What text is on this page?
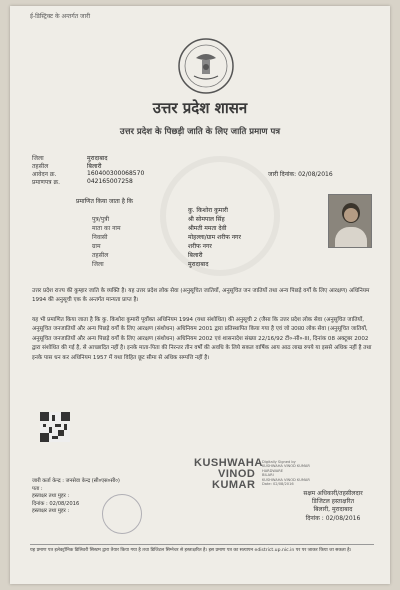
ई-डिस्ट्रिक्ट के अन्तर्गत जारी
उत्तर प्रदेश शासन
उत्तर प्रदेश के पिछड़ी जाति के लिए जाति प्रमाण पत्र
जिला	मुरादाबाद
तहसील	बिलारी
आवेदन क्र.	160400300068570
प्रमाणपत्र क्र.	042165007258
जारी दिनांक: 02/08/2016
प्रमाणित किया जाता है कि
कु. किशोरा कुमारी
पुत्र/पुत्री	श्री सोमपाल सिंह
माता का नाम	श्रीमती ममता देवी
निवासी	मोहल्ला/ग्राम शरीफ नगर
ग्राम	शरीफ नगर
तहसील	बिलारी
जिला	मुरादाबाद
उत्तर प्रदेश राज्य की कुम्हार जाति के व्यक्ति है। यह उत्तर प्रदेश लोक सेवा (अनुसूचित जातियों, अनुसूचित जन जातियों तथा अन्य पिछड़े वर्गों के लिए आरक्षण) अधिनियम 1994 की अनुसूची एक के अन्तर्गत मान्यता प्राप्त है।
यह भी प्रमाणित किया जाता है कि कु. किशोरा कुमारी पूर्वोक्त अधिनियम 1994 (यथा संशोधित) की अनुसूची 2 (जैसा कि उत्तर प्रदेश लोक सेवा (अनुसूचित जातियों, अनुसूचित जनजातियों और अन्य पिछड़े वर्गों के लिए आरक्षण (संशोधन) अधिनियम 2001 द्वारा प्रतिस्थापित किया गया है एवं जो उ0प्र0 लोक सेवा (अनुसूचित जातियों, अनुसूचित जनजातियों और अन्य पिछड़े वर्गों के लिए आरक्षण (संशोधन) अधिनियम 2002 एवं शासनादेश संख्या 22/16/92 टी०-सी०-III, दिनांक 08 अक्टूबर 2002 द्वारा संशोधित की गई है, से आच्छादित नहीं है। इनके माता-पिता की निरन्तर तीन वर्षों की अवधि के लिये सकल वार्षिक आय आठ लाख रुपये या इससे अधिक नहीं है तथा इनके पास धन कर अधिनियम 1957 में यथा विहित छूट सीमा से अधिक सम्पत्ति नहीं है।
KUSHWAHA
VINOD
KUMAR
Digitally Signed by
KUSHWAHA VINOD KUMAR
HARDWARE
BILARI
KUSHWAHA VINOD KUMAR
Date: 02/08/2016
जारी कर्ता केन्द्र : जनसेवा केन्द्र (सी०एस०सी०)
पता :
हस्ताक्षर तथा मुहर :
दिनांक : 02/08/2016
हस्ताक्षर तथा मुहर :
सक्षम अधिकारी/तहसीलदार
डिजिटल हस्ताक्षरित
बिलारी, मुरादाबाद
दिनांक : 02/08/2016
यह प्रमाण पत्र इलेक्ट्रॉनिक डिलिवरी सिस्टम द्वारा तैयार किया गया है तथा डिजिटल सिग्नेचर से हस्ताक्षरित है। इस प्रमाण पत्र का सत्यापन edistrict.up.nic.in पर पर जाकर किया जा सकता है।
